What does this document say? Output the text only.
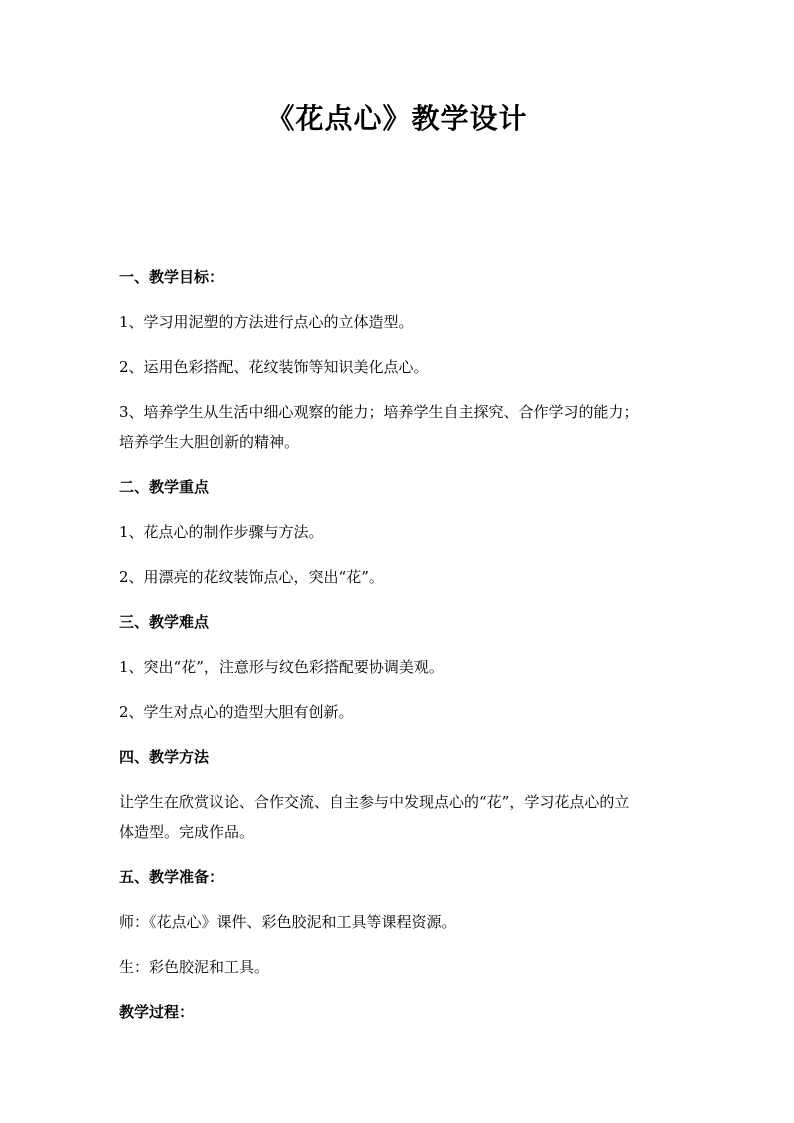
《花点心》教学设计
一、教学目标：
1、学习用泥塑的方法进行点心的立体造型。
2、运用色彩搭配、花纹装饰等知识美化点心。
3、培养学生从生活中细心观察的能力；培养学生自主探究、合作学习的能力；
培养学生大胆创新的精神。
二、教学重点
1、花点心的制作步骤与方法。
2、用漂亮的花纹装饰点心，突出“花”。
三、教学难点
1、突出“花”，注意形与纹色彩搭配要协调美观。
2、学生对点心的造型大胆有创新。
四、教学方法
让学生在欣赏议论、合作交流、自主参与中发现点心的“花”，学习花点心的立
体造型。完成作品。
五、教学准备：
师：《花点心》课件、彩色胶泥和工具等课程资源。
生：彩色胶泥和工具。
教学过程：
